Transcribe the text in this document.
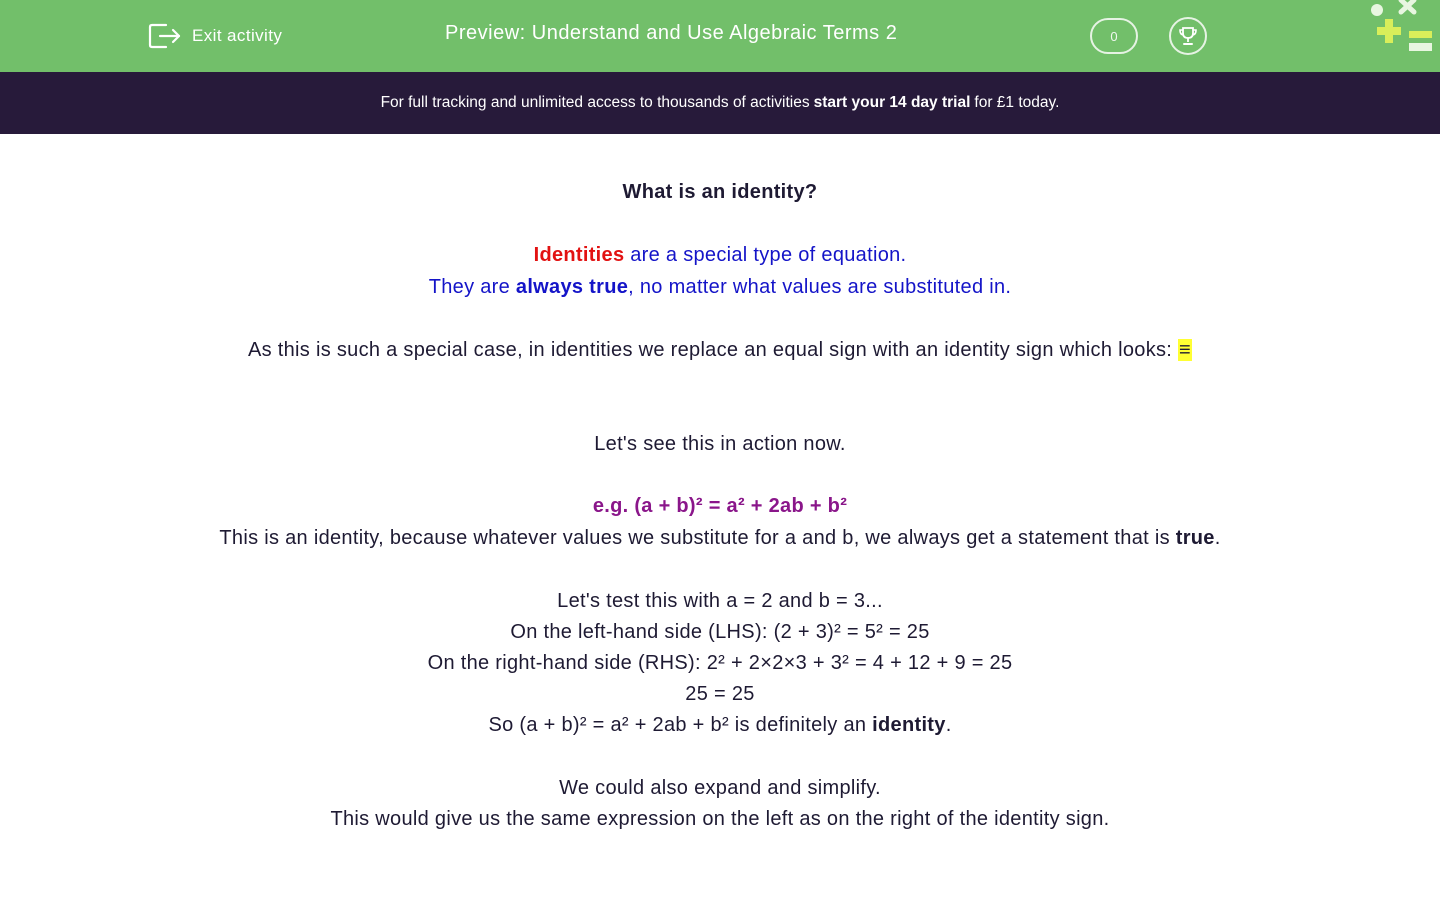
Exit activity	Preview: Understand and Use Algebraic Terms 2	0
For full tracking and unlimited access to thousands of activities start your 14 day trial for £1 today.
What is an identity?
Identities are a special type of equation.
They are always true, no matter what values are substituted in.
As this is such a special case, in identities we replace an equal sign with an identity sign which looks: ≡
Let's see this in action now.
e.g. (a + b)² = a² + 2ab + b²
This is an identity, because whatever values we substitute for a and b, we always get a statement that is true.
Let's test this with a = 2 and b = 3...
On the left-hand side (LHS): (2 + 3)² = 5² = 25
On the right-hand side (RHS): 2² + 2×2×3 + 3² = 4 + 12 + 9 = 25
25 = 25
So (a + b)² = a² + 2ab + b² is definitely an identity.
We could also expand and simplify.
This would give us the same expression on the left as on the right of the identity sign.
